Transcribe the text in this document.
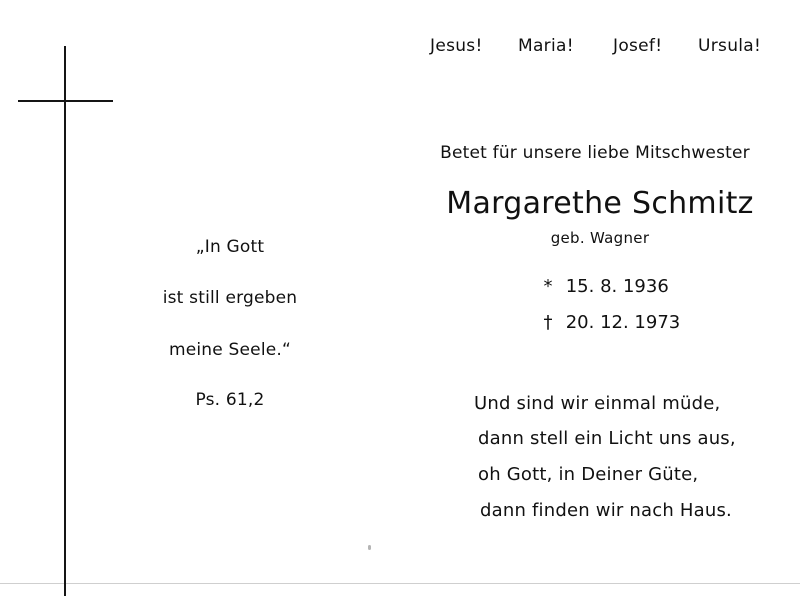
Jesus! Maria! Josef! Ursula!
Betet für unsere liebe Mitschwester
Margarethe Schmitz
geb. Wagner
* 15. 8. 1936
† 20. 12. 1973
„In Gott
ist still ergeben
meine Seele.“
Ps. 61,2	Und sind wir einmal müde,
dann stell ein Licht uns aus,
oh Gott, in Deiner Güte,
dann finden wir nach Haus.
